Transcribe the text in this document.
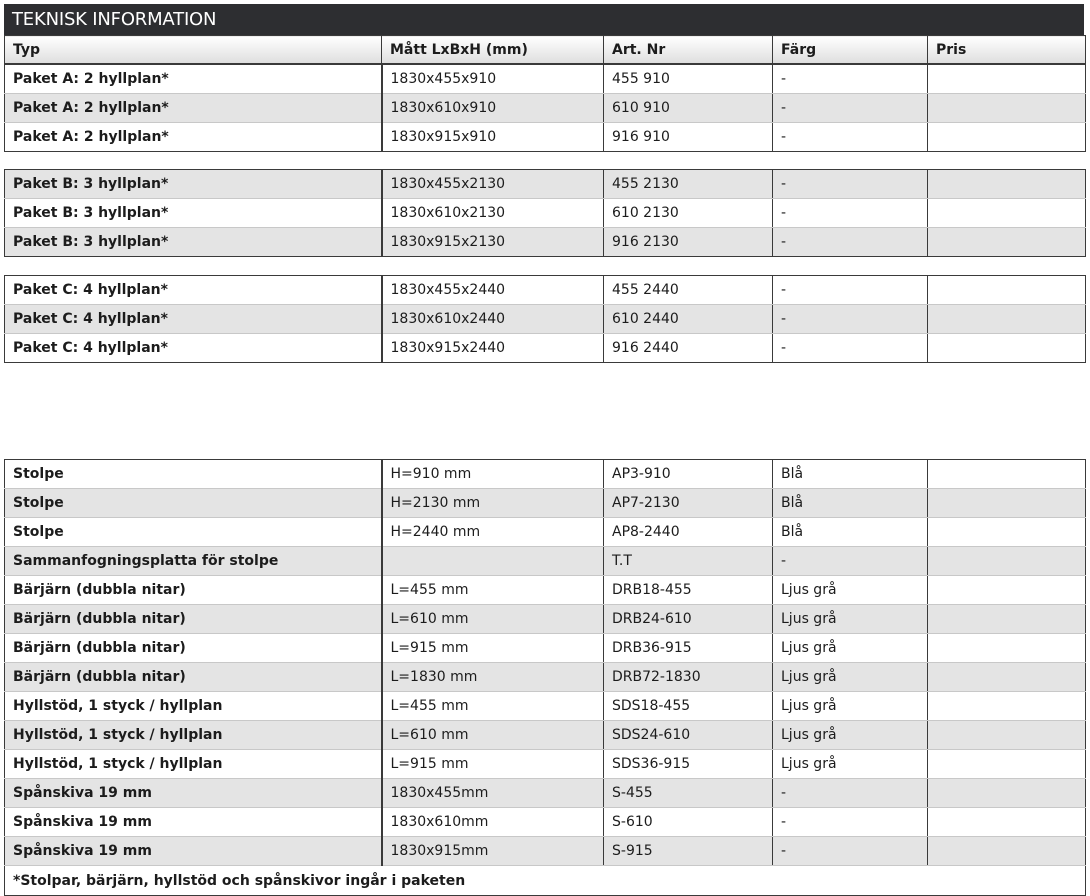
TEKNISK INFORMATION
Typ	Mått LxBxH (mm)	Art. Nr	Färg	Pris
Paket A: 2 hyllplan*	1830x455x910	455 910	-	
Paket A: 2 hyllplan*	1830x610x910	610 910	-	
Paket A: 2 hyllplan*	1830x915x910	916 910	-	
Paket B: 3 hyllplan*	1830x455x2130	455 2130	-	
Paket B: 3 hyllplan*	1830x610x2130	610 2130	-	
Paket B: 3 hyllplan*	1830x915x2130	916 2130	-	
Paket C: 4 hyllplan*	1830x455x2440	455 2440	-	
Paket C: 4 hyllplan*	1830x610x2440	610 2440	-	
Paket C: 4 hyllplan*	1830x915x2440	916 2440	-	
Stolpe	H=910 mm	AP3-910	Blå	
Stolpe	H=2130 mm	AP7-2130	Blå	
Stolpe	H=2440 mm	AP8-2440	Blå	
Sammanfogningsplatta för stolpe		T.T	-	
Bärjärn (dubbla nitar)	L=455 mm	DRB18-455	Ljus grå	
Bärjärn (dubbla nitar)	L=610 mm	DRB24-610	Ljus grå	
Bärjärn (dubbla nitar)	L=915 mm	DRB36-915	Ljus grå	
Bärjärn (dubbla nitar)	L=1830 mm	DRB72-1830	Ljus grå	
Hyllstöd, 1 styck / hyllplan	L=455 mm	SDS18-455	Ljus grå	
Hyllstöd, 1 styck / hyllplan	L=610 mm	SDS24-610	Ljus grå	
Hyllstöd, 1 styck / hyllplan	L=915 mm	SDS36-915	Ljus grå	
Spånskiva 19 mm	1830x455mm	S-455	-	
Spånskiva 19 mm	1830x610mm	S-610	-	
Spånskiva 19 mm	1830x915mm	S-915	-	
*Stolpar, bärjärn, hyllstöd och spånskivor ingår i paketen				
